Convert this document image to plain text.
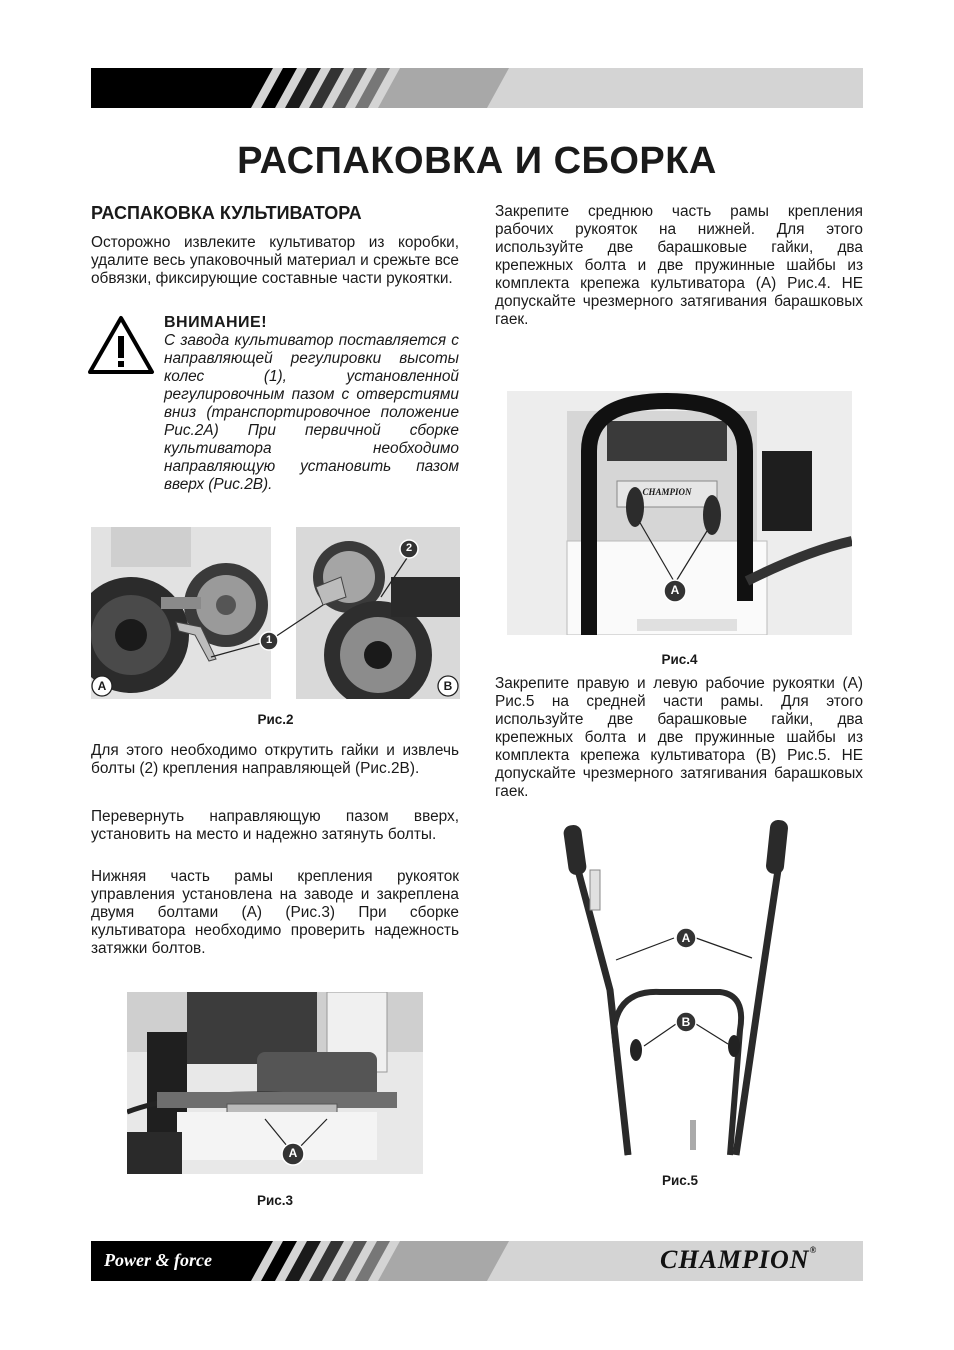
РАСПАКОВКА И СБОРКА
РАСПАКОВКА КУЛЬТИВАТОРА
Осторожно извлеките культиватор из коробки, удалите весь упаковочный материал и срежьте все обвязки, фиксирующие составные части рукоятки.
ВНИМАНИЕ!
С завода культиватор поставляется с направляющей регулировки высоты колес (1), установленной регулировочным пазом с отверстиями вниз (транспортировочное положение Рис.2А) При первичной сборке культиватора необходимо направляющую установить пазом вверх (Рис.2В).
1
2
A	B
Рис.2
Для этого необходимо открутить гайки и извлечь болты (2) крепления направляющей (Рис.2В).
Перевернуть направляющую пазом вверх, установить на место и надежно затянуть болты.
Нижняя часть рамы крепления рукояток управления установлена на заводе и закреплена двумя болтами (А) (Рис.3) При сборке культиватора необходимо проверить надежность затяжки болтов.
A
Рис.3
Закрепите среднюю часть рамы крепления рабочих рукояток на нижней. Для этого используйте две барашковые гайки, два крепежных болта и две пружинные шайбы из комплекта крепежа культиватора (А) Рис.4. НЕ допускайте чрезмерного затягивания барашковых гаек.
CHAMPION
A
Рис.4
Закрепите правую и левую рабочие рукоятки (А) Рис.5 на средней части рамы. Для этого используйте две барашковые гайки, два крепежных болта и две пружинные шайбы из комплекта крепежа культиватора (В) Рис.5. НЕ допускайте чрезмерного затягивания барашковых гаек.
A
B
Рис.5
Power & force	CHAMPION®
